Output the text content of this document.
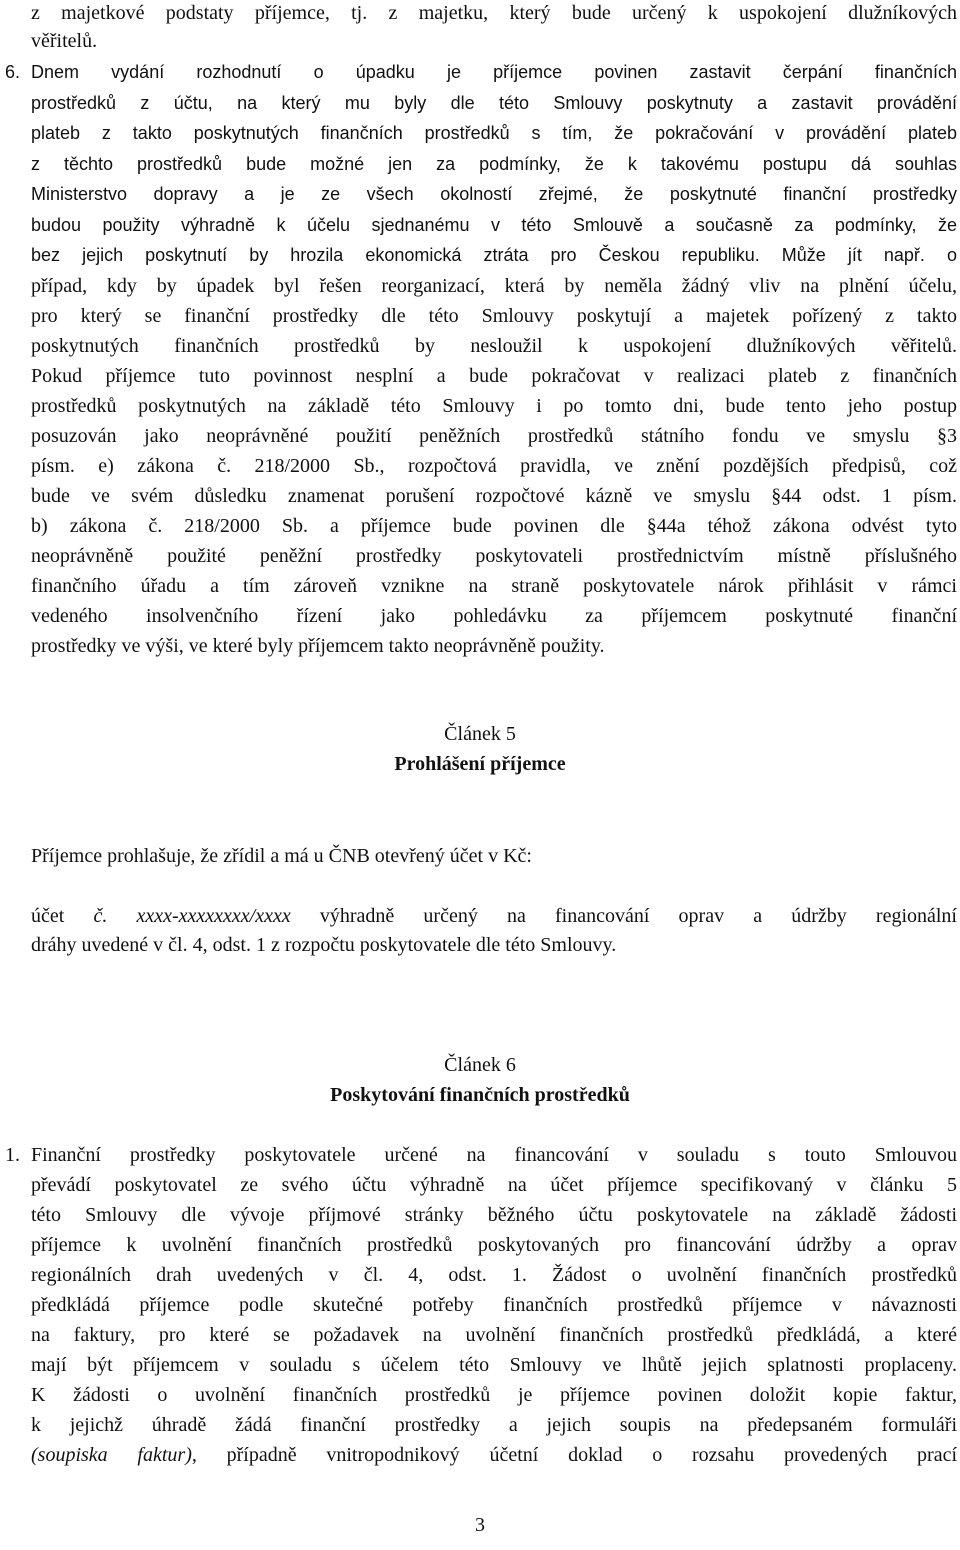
z majetkové podstaty příjemce, tj. z majetku, který bude určený k uspokojení dlužníkových
věřitelů.
6. Dnem vydání rozhodnutí o úpadku je příjemce povinen zastavit čerpání finančních
prostředků z účtu, na který mu byly dle této Smlouvy poskytnuty a zastavit provádění
plateb z takto poskytnutých finančních prostředků s tím, že pokračování v provádění plateb
z těchto prostředků bude možné jen za podmínky, že k takovému postupu dá souhlas
Ministerstvo dopravy a je ze všech okolností zřejmé, že poskytnuté finanční prostředky
budou použity výhradně k účelu sjednanému v této Smlouvě a současně za podmínky, že
bez jejich poskytnutí by hrozila ekonomická ztráta pro Českou republiku. Může jít např. o
případ, kdy by úpadek byl řešen reorganizací, která by neměla žádný vliv na plnění účelu,
pro který se finanční prostředky dle této Smlouvy poskytují a majetek pořízený z takto
poskytnutých finančních prostředků by nesloužil k uspokojení dlužníkových věřitelů.
Pokud příjemce tuto povinnost nesplní a bude pokračovat v realizaci plateb z finančních
prostředků poskytnutých na základě této Smlouvy i po tomto dni, bude tento jeho postup
posuzován jako neoprávněné použití peněžních prostředků státního fondu ve smyslu §3
písm. e) zákona č. 218/2000 Sb., rozpočtová pravidla, ve znění pozdějších předpisů, což
bude ve svém důsledku znamenat porušení rozpočtové kázně ve smyslu §44 odst. 1 písm.
b) zákona č. 218/2000 Sb. a příjemce bude povinen dle §44a téhož zákona odvést tyto
neoprávněně použité peněžní prostředky poskytovateli prostřednictvím místně příslušného
finančního úřadu a tím zároveň vznikne na straně poskytovatele nárok přihlásit v rámci
vedeného insolvenčního řízení jako pohledávku za příjemcem poskytnuté finanční
prostředky ve výši, ve které byly příjemcem takto neoprávněně použity.
Článek 5
Prohlášení příjemce
Příjemce prohlašuje, že zřídil a má u ČNB otevřený účet v Kč:
účet č. xxxx-xxxxxxxx/xxxx výhradně určený na financování oprav a údržby regionální
dráhy uvedené v čl. 4, odst. 1 z rozpočtu poskytovatele dle této Smlouvy.
Článek 6
Poskytování finančních prostředků
1. Finanční prostředky poskytovatele určené na financování v souladu s touto Smlouvou
převádí poskytovatel ze svého účtu výhradně na účet příjemce specifikovaný v článku 5
této Smlouvy dle vývoje příjmové stránky běžného účtu poskytovatele na základě žádosti
příjemce k uvolnění finančních prostředků poskytovaných pro financování údržby a oprav
regionálních drah uvedených v čl. 4, odst. 1. Žádost o uvolnění finančních prostředků
předkládá příjemce podle skutečné potřeby finančních prostředků příjemce v návaznosti
na faktury, pro které se požadavek na uvolnění finančních prostředků předkládá, a které
mají být příjemcem v souladu s účelem této Smlouvy ve lhůtě jejich splatnosti proplaceny.
K žádosti o uvolnění finančních prostředků je příjemce povinen doložit kopie faktur,
k jejichž úhradě žádá finanční prostředky a jejich soupis na předepsaném formuláři
(soupiska faktur), případně vnitropodnikový účetní doklad o rozsahu provedených prací
3
